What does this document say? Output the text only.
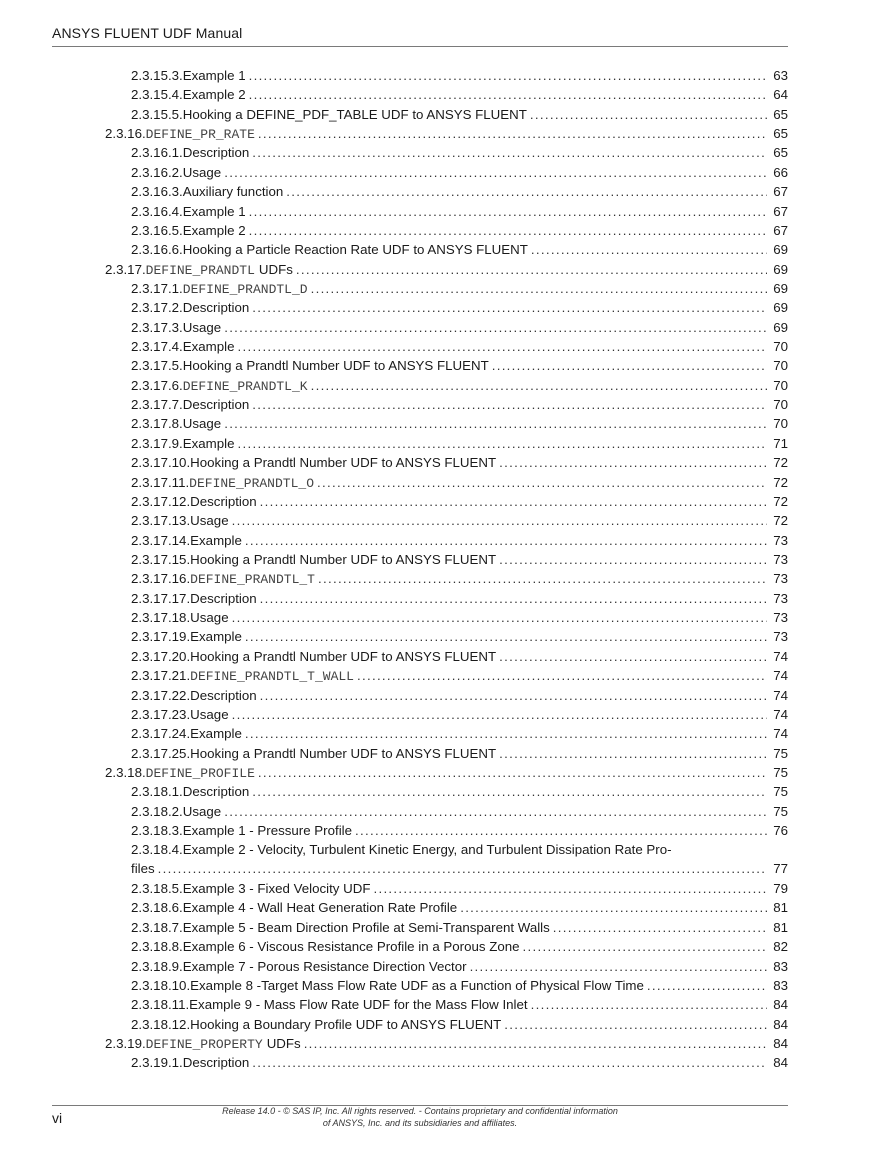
ANSYS FLUENT UDF Manual
2.3.15.3. Example 1 . . .	63
2.3.15.4. Example 2 . . .	64
2.3.15.5. Hooking a DEFINE_PDF_TABLE UDF to ANSYS FLUENT . . .	65
2.3.16. DEFINE_PR_RATE . . .	65
2.3.16.1. Description . . .	65
2.3.16.2. Usage . . .	66
2.3.16.3. Auxiliary function . . .	67
2.3.16.4. Example 1 . . .	67
2.3.16.5. Example 2 . . .	67
2.3.16.6. Hooking a Particle Reaction Rate UDF to ANSYS FLUENT . . .	69
2.3.17. DEFINE_PRANDTL UDFs . . .	69
2.3.17.1. DEFINE_PRANDTL_D . . .	69
2.3.17.2. Description . . .	69
2.3.17.3. Usage . . .	69
2.3.17.4. Example . . .	70
2.3.17.5. Hooking a Prandtl Number UDF to ANSYS FLUENT . . .	70
2.3.17.6. DEFINE_PRANDTL_K . . .	70
2.3.17.7. Description . . .	70
2.3.17.8. Usage . . .	70
2.3.17.9. Example . . .	71
2.3.17.10. Hooking a Prandtl Number UDF to ANSYS FLUENT . . .	72
2.3.17.11. DEFINE_PRANDTL_O . . .	72
2.3.17.12. Description . . .	72
2.3.17.13. Usage . . .	72
2.3.17.14. Example . . .	73
2.3.17.15. Hooking a Prandtl Number UDF to ANSYS FLUENT . . .	73
2.3.17.16. DEFINE_PRANDTL_T . . .	73
2.3.17.17. Description . . .	73
2.3.17.18. Usage . . .	73
2.3.17.19. Example . . .	73
2.3.17.20. Hooking a Prandtl Number UDF to ANSYS FLUENT . . .	74
2.3.17.21. DEFINE_PRANDTL_T_WALL . . .	74
2.3.17.22. Description . . .	74
2.3.17.23. Usage . . .	74
2.3.17.24. Example . . .	74
2.3.17.25. Hooking a Prandtl Number UDF to ANSYS FLUENT . . .	75
2.3.18. DEFINE_PROFILE . . .	75
2.3.18.1. Description . . .	75
2.3.18.2. Usage . . .	75
2.3.18.3. Example 1 - Pressure Profile . . .	76
2.3.18.4.Example 2 - Velocity, Turbulent Kinetic Energy, and Turbulent Dissipation Rate Pro-
files . . .	77
2.3.18.5. Example 3 - Fixed Velocity UDF . . .	79
2.3.18.6. Example 4 - Wall Heat Generation Rate Profile . . .	81
2.3.18.7. Example 5 - Beam Direction Profile at Semi-Transparent Walls . . .	81
2.3.18.8. Example 6 - Viscous Resistance Profile in a Porous Zone . . .	82
2.3.18.9. Example 7 - Porous Resistance Direction Vector . . .	83
2.3.18.10. Example 8 -Target Mass Flow Rate UDF as a Function of Physical Flow Time . . .	83
2.3.18.11. Example 9 - Mass Flow Rate UDF for the Mass Flow Inlet . . .	84
2.3.18.12. Hooking a Boundary Profile UDF to ANSYS FLUENT . . .	84
2.3.19. DEFINE_PROPERTY UDFs . . .	84
2.3.19.1. Description . . .	84
vi	Release 14.0 - © SAS IP, Inc. All rights reserved. - Contains proprietary and confidential information
of ANSYS, Inc. and its subsidiaries and affiliates.
